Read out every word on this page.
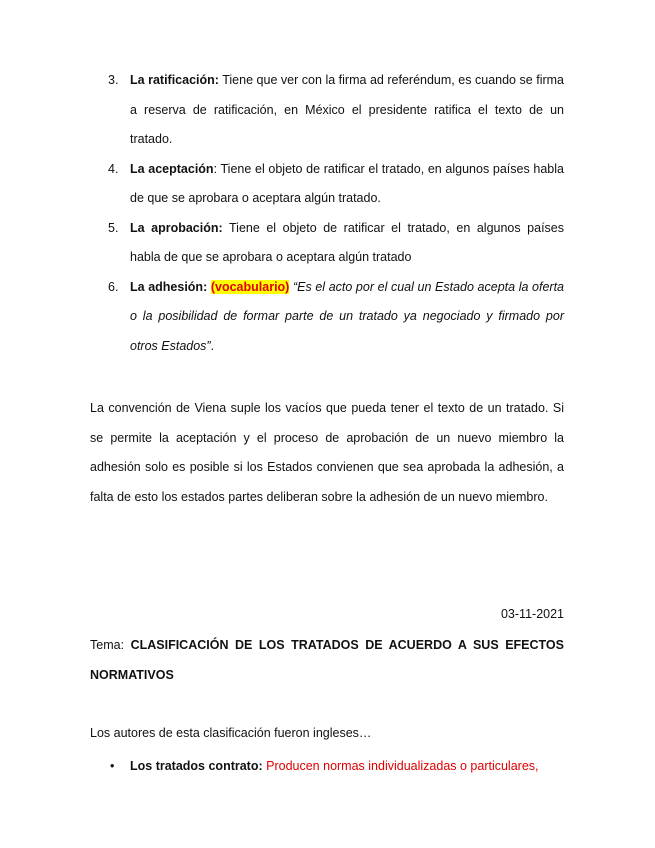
3. La ratificación: Tiene que ver con la firma ad referéndum, es cuando se firma a reserva de ratificación, en México el presidente ratifica el texto de un tratado.
4. La aceptación: Tiene el objeto de ratificar el tratado, en algunos países habla de que se aprobara o aceptara algún tratado.
5. La aprobación: Tiene el objeto de ratificar el tratado, en algunos países habla de que se aprobara o aceptara algún tratado
6. La adhesión: (vocabulario) “Es el acto por el cual un Estado acepta la oferta o la posibilidad de formar parte de un tratado ya negociado y firmado por otros Estados”.
La convención de Viena suple los vacíos que pueda tener el texto de un tratado. Si se permite la aceptación y el proceso de aprobación de un nuevo miembro la adhesión solo es posible si los Estados convienen que sea aprobada la adhesión, a falta de esto los estados partes deliberan sobre la adhesión de un nuevo miembro.
03-11-2021
Tema: CLASIFICACIÓN DE LOS TRATADOS DE ACUERDO A SUS EFECTOS NORMATIVOS
Los autores de esta clasificación fueron ingleses…
• Los tratados contrato: Producen normas individualizadas o particulares,
